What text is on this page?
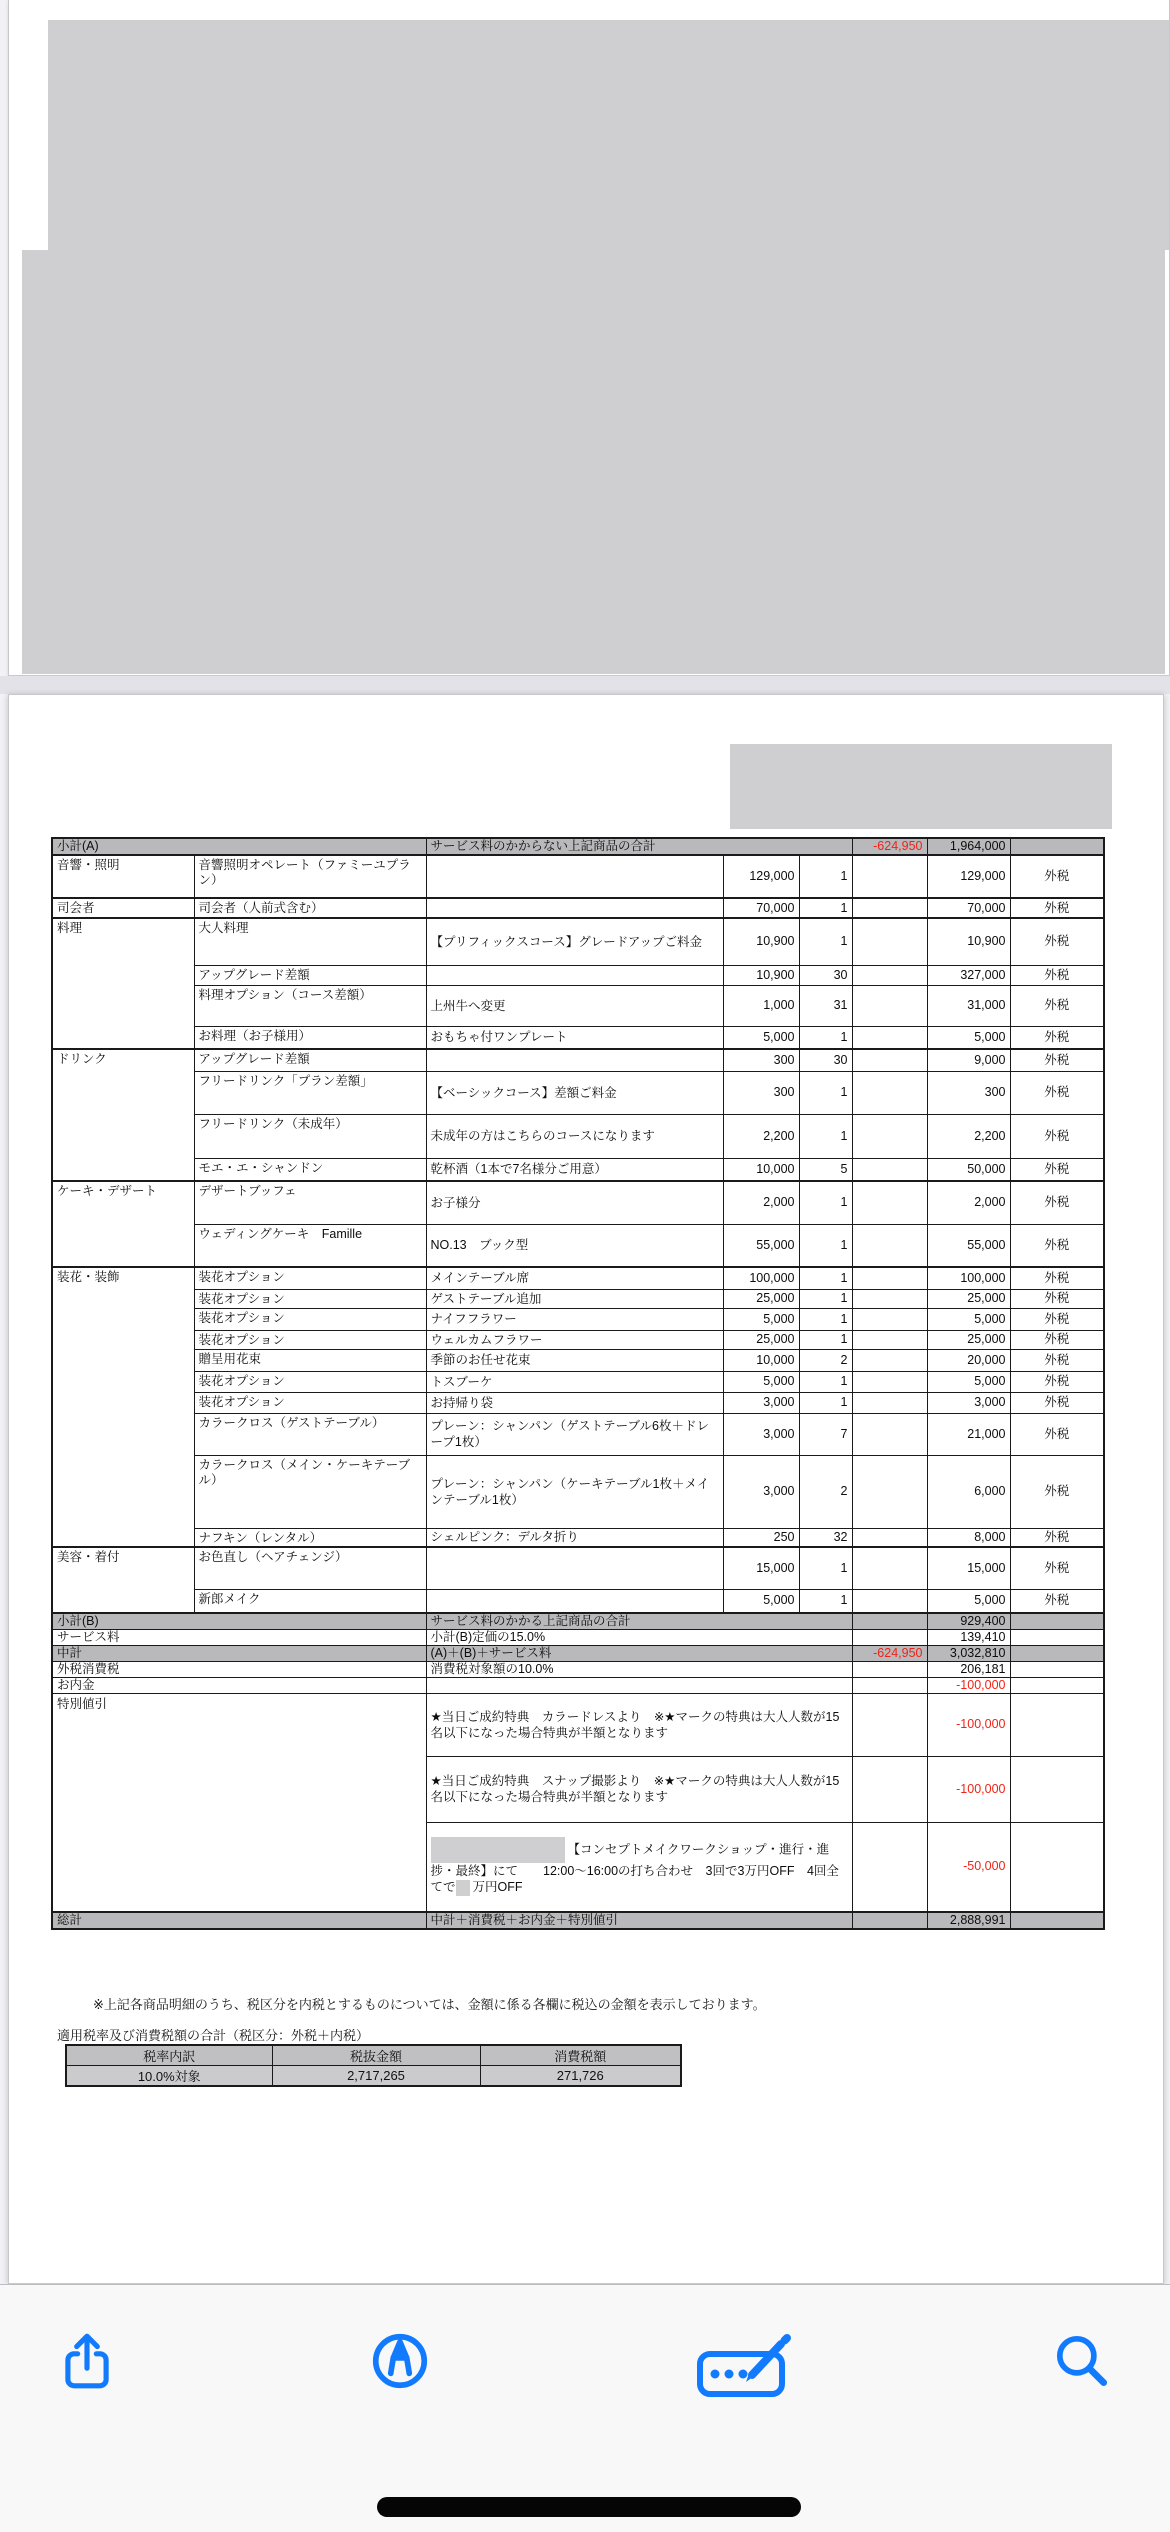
小計(A)		サービス料のかからない上記商品の合計			-624,950	1,964,000	
音響・照明	音響照明オペレート（ファミーユプラン）		129,000	1		129,000	外税
司会者	司会者（人前式含む）		70,000	1		70,000	外税
料理	大人料理	【プリフィックスコース】グレードアップご料金	10,900	1		10,900	外税
	アップグレード差額		10,900	30		327,000	外税
	料理オプション（コース差額）	上州牛へ変更	1,000	31		31,000	外税
	お料理（お子様用）	おもちゃ付ワンプレート	5,000	1		5,000	外税
ドリンク	アップグレード差額		300	30		9,000	外税
	フリードリンク「プラン差額」	【ベーシックコース】差額ご料金	300	1		300	外税
	フリードリンク（未成年）	未成年の方はこちらのコースになります	2,200	1		2,200	外税
	モエ・エ・シャンドン	乾杯酒（1本で7名様分ご用意）	10,000	5		50,000	外税
ケーキ・デザート	デザートブッフェ	お子様分	2,000	1		2,000	外税
	ウェディングケーキ　Famille	NO.13　ブック型	55,000	1		55,000	外税
装花・装飾	装花オプション	メインテーブル席	100,000	1		100,000	外税
	装花オプション	ゲストテーブル追加	25,000	1		25,000	外税
	装花オプション	ナイフフラワー	5,000	1		5,000	外税
	装花オプション	ウェルカムフラワー	25,000	1		25,000	外税
	贈呈用花束	季節のお任せ花束	10,000	2		20,000	外税
	装花オプション	トスブーケ	5,000	1		5,000	外税
	装花オプション	お持帰り袋	3,000	1		3,000	外税
	カラークロス（ゲストテーブル）	プレーン：シャンパン（ゲストテーブル6枚＋ドレープ1枚）	3,000	7		21,000	外税
	カラークロス（メイン・ケーキテーブル）	プレーン：シャンパン（ケーキテーブル1枚＋メインテーブル1枚）	3,000	2		6,000	外税
	ナフキン（レンタル）	シェルピンク：デルタ折り	250	32		8,000	外税
美容・着付	お色直し（ヘアチェンジ）		15,000	1		15,000	外税
	新郎メイク		5,000	1		5,000	外税
小計(B)		サービス料のかかる上記商品の合計				929,400	
サービス料		小計(B)定価の15.0%				139,410	
中計		(A)＋(B)＋サービス料			-624,950	3,032,810	
外税消費税		消費税対象額の10.0%				206,181	
お内金						-100,000	
特別値引		★当日ご成約特典　カラードレスより　※★マークの特典は大人人数が15名以下になった場合特典が半額となります				-100,000	
		★当日ご成約特典　スナップ撮影より　※★マークの特典は大人人数が15名以下になった場合特典が半額となります				-100,000	
		【コンセプトメイクワークショップ・進行・進捗・最終】にて　　12:00～16:00の打ち合わせ　3回で3万円OFF　4回全てで 万円OFF				-50,000	
総計		中計＋消費税＋お内金＋特別値引				2,888,991	
※上記各商品明細のうち、税区分を内税とするものについては、金額に係る各欄に税込の金額を表示しております。
適用税率及び消費税額の合計（税区分：外税＋内税）
税率内訳	税抜金額	消費税額
10.0%対象	2,717,265	271,726
